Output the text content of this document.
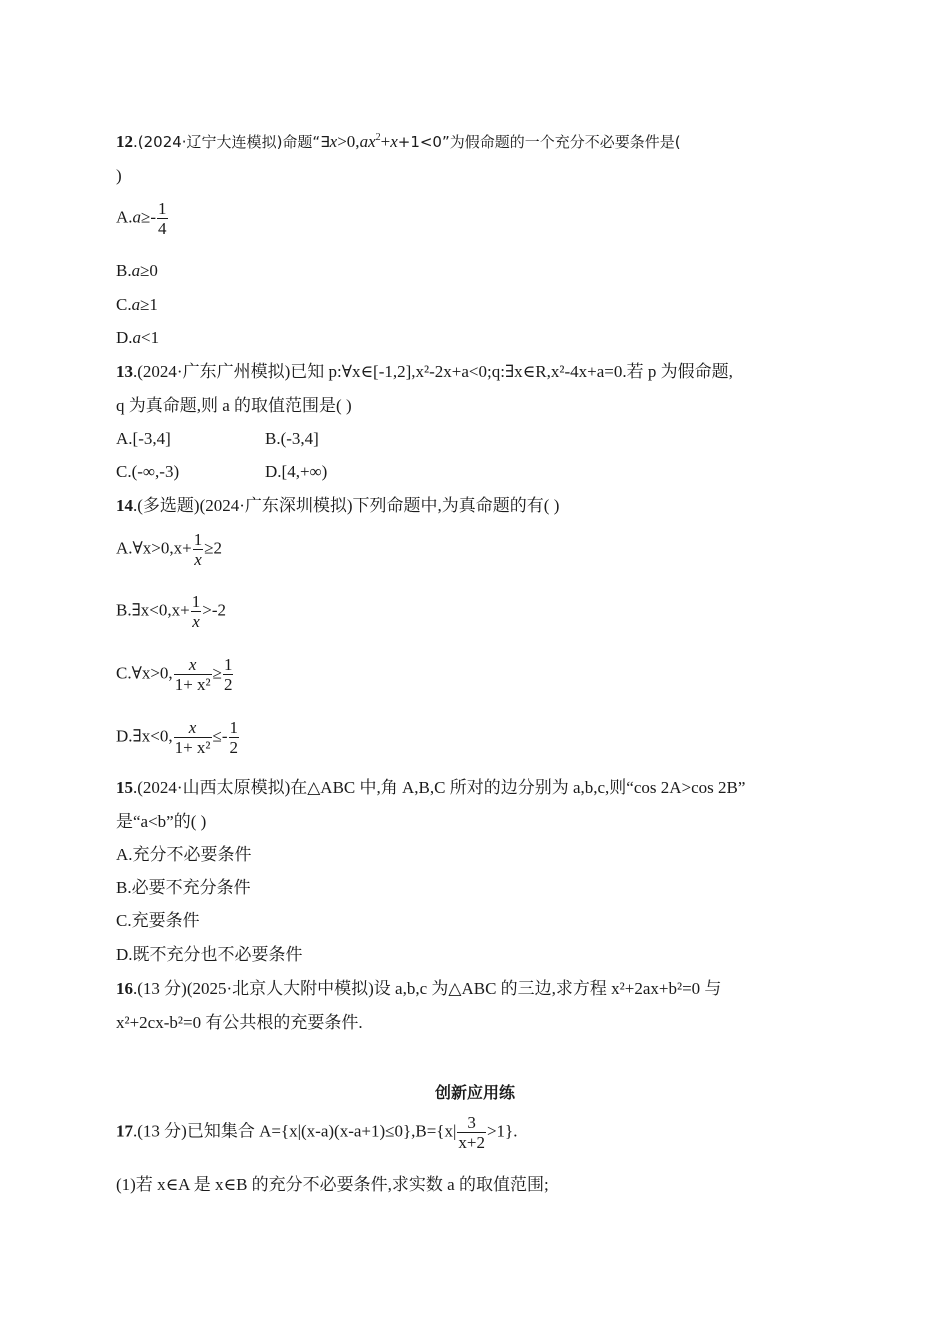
12.(2024·辽宁大连模拟)命题“$\exists x>0,ax^2+x+1<0$”为假命题的一个充分不必要条件是(
)
$A.a\ge- \frac{1}{4}$
B.a≥0
C.a≥1
D.a<1
13.(2024·广东广州模拟)已知 p:∀x∈[-1,2],x²-2x+a<0;q:∃x∈R,x²-4x+a=0.若 p 为假命题,
q 为真命题,则 a 的取值范围是( )
A.[-3,4]	B.(-3,4]
C.(-∞,-3)	D.[4,+∞)
14.(多选题)(2024·广东深圳模拟)下列命题中,为真命题的有( )
A.∀x>0,x+ $\frac{1}{x} \ge 2$
B.∃x<0,x+ $\frac{1}{x} >-2$
C.∀x>0, $\frac{x}{\text{1+ x²}} \ge \frac{1}{2}$
D.∃x<0, $\frac{x}{\text{1+ x²}} \le- \frac{1}{2}$
15.(2024·山西太原模拟)在△ABC 中,角 A,B,C 所对的边分别为 a,b,c,则“cos 2A>cos 2B”
是“a<b”的( )
A.充分不必要条件
B.必要不充分条件
C.充要条件
D.既不充分也不必要条件
16.(13 分)(2025·北京人大附中模拟)设 a,b,c 为△ABC 的三边,求方程 x²+2ax+b²=0 与
x²+2cx-b²=0 有公共根的充要条件.
创新应用练
17.(13 分)已知集合 $A=\{x|(x-a)(x-a+1)\le 0\},B=\{x| \frac{3}{x+2} >1\}$.
(1)若 x∈A 是 x∈B 的充分不必要条件,求实数 a 的取值范围;
